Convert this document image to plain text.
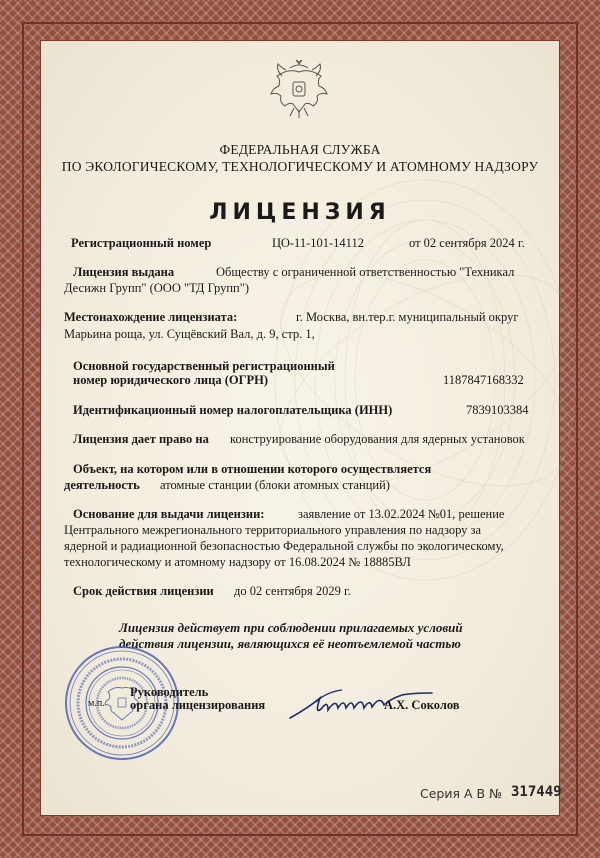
ФЕДЕРАЛЬНАЯ СЛУЖБА
ПО ЭКОЛОГИЧЕСКОМУ, ТЕХНОЛОГИЧЕСКОМУ И АТОМНОМУ НАДЗОРУ
ЛИЦЕНЗИЯ
Регистрационный номер	ЦО-11-101-14112	от 02 сентября 2024 г.
Лицензия выдана	Обществу с ограниченной ответственностью "Техникал
Десижн Групп" (ООО "ТД Групп")
Местонахождение лицензиата:	г. Москва, вн.тер.г. муниципальный округ
Марьина роща, ул. Сущёвский Вал, д. 9, стр. 1,
Основной государственный регистрационный
номер юридического лица (ОГРН)	1187847168332
Идентификационный номер налогоплательщика (ИНН)	7839103384
Лицензия дает право на конструирование оборудования для ядерных установок
Объект, на котором или в отношении которого осуществляется
деятельность атомные станции (блоки атомных станций)
Основание для выдачи лицензии:	заявление от 13.02.2024 №01, решение
Центрального межрегионального территориального управления по надзору за
ядерной и радиационной безопасностью Федеральной службы по экологическому,
технологическому и атомному надзору от 16.08.2024 № 18885ВЛ
Срок действия лицензии до 02 сентября 2029 г.
Лицензия действует при соблюдении прилагаемых условий
действия лицензии, являющихся её неотъемлемой частью
м.п.
Руководитель
органа лицензирования	А.Х. Соколов
Серия А В № 317449
